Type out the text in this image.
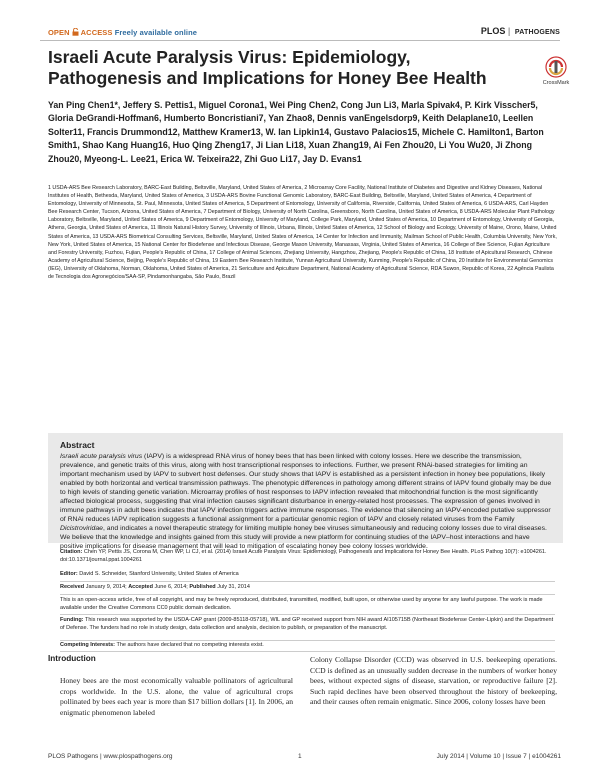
OPEN ACCESS Freely available online	PLOS | PATHOGENS
Israeli Acute Paralysis Virus: Epidemiology, Pathogenesis and Implications for Honey Bee Health	CrossMark
Yan Ping Chen1*, Jeffery S. Pettis1, Miguel Corona1, Wei Ping Chen2, Cong Jun Li3, Marla Spivak4, P. Kirk Visscher5, Gloria DeGrandi-Hoffman6, Humberto Boncristiani7, Yan Zhao8, Dennis vanEngelsdorp9, Keith Delaplane10, Leellen Solter11, Francis Drummond12, Matthew Kramer13, W. Ian Lipkin14, Gustavo Palacios15, Michele C. Hamilton1, Barton Smith1, Shao Kang Huang16, Huo Qing Zheng17, Ji Lian Li18, Xuan Zhang19, Ai Fen Zhou20, Li You Wu20, Ji Zhong Zhou20, Myeong-L. Lee21, Erica W. Teixeira22, Zhi Guo Li17, Jay D. Evans1
1 USDA-ARS Bee Research Laboratory, BARC-East Building, Beltsville, Maryland, United States of America, 2 Microarray Core Facility, National Institute of Diabetes and Digestive and Kidney Diseases, National Institutes of Health, Bethesda, Maryland, United States of America, 3 USDA-ARS Bovine Functional Genomic Laboratory, BARC-East Building, Beltsville, Maryland, United States of America, 4 Department of Entomology, University of Minnesota, St. Paul, Minnesota, United States of America, 5 Department of Entomology, University of California, Riverside, California, United States of America, 6 USDA-ARS, Carl Hayden Bee Research Center, Tucson, Arizona, United States of America, 7 Department of Biology, University of North Carolina, Greensboro, North Carolina, United States of America, 8 USDA-ARS Molecular Plant Pathology Laboratory, Beltsville, Maryland, United States of America, 9 Department of Entomology, University of Maryland, College Park, Maryland, United States of America, 10 Department of Entomology, University of Georgia, Athens, Georgia, United States of America, 11 Illinois Natural History Survey, University of Illinois, Urbana, Illinois, United States of America, 12 School of Biology and Ecology, University of Maine, Orono, Maine, United States of America, 13 USDA-ARS Biometrical Consulting Services, Beltsville, Maryland, United States of America, 14 Center for Infection and Immunity, Mailman School of Public Health, Columbia University, New York, New York, United States of America, 15 National Center for Biodefense and Infectious Disease, George Mason University, Manassas, Virginia, United States of America, 16 College of Bee Science, Fujian Agriculture and Forestry University, Fuzhou, Fujian, People's Republic of China, 17 College of Animal Sciences, Zhejiang University, Hangzhou, Zhejiang, People's Republic of China, 18 Institute of Apicultural Research, Chinese Academy of Agricultural Science, Beijing, People's Republic of China, 19 Eastern Bee Research Institute, Yunnan Agricultural University, Kunming, People's Republic of China, 20 Institute for Environmental Genomics (IEG), University of Oklahoma, Norman, Oklahoma, United States of America, 21 Sericulture and Apiculture Department, National Academy of Agricultural Science, RDA Suwon, Republic of Korea, 22 Agência Paulista de Tecnologia dos Agronegócios/SAA-SP, Pindamonhangaba, São Paulo, Brazil
Abstract
Israeli acute paralysis virus (IAPV) is a widespread RNA virus of honey bees that has been linked with colony losses. Here we describe the transmission, prevalence, and genetic traits of this virus, along with host transcriptional responses to infections. Further, we present RNAi-based strategies for limiting an important mechanism used by IAPV to subvert host defenses. Our study shows that IAPV is established as a persistent infection in honey bee populations, likely enabled by both horizontal and vertical transmission pathways. The phenotypic differences in pathology among different strains of IAPV found globally may be due to high levels of standing genetic variation. Microarray profiles of host responses to IAPV infection revealed that mitochondrial function is the most significantly affected biological process, suggesting that viral infection causes significant disturbance in energy-related host processes. The expression of genes involved in immune pathways in adult bees indicates that IAPV infection triggers active immune responses. The evidence that silencing an IAPV-encoded putative suppressor of RNAi reduces IAPV replication suggests a functional assignment for a particular genomic region of IAPV and closely related viruses from the Family Dicistroviridae, and indicates a novel therapeutic strategy for limiting multiple honey bee viruses simultaneously and reducing colony losses due to viral diseases. We believe that the knowledge and insights gained from this study will provide a new platform for continuing studies of the IAPV–host interactions and have positive implications for disease management that will lead to mitigation of escalating honey bee colony losses worldwide.
Citation: Chen YP, Pettis JS, Corona M, Chen WP, Li CJ, et al. (2014) Israeli Acute Paralysis Virus: Epidemiology, Pathogenesis and Implications for Honey Bee Health. PLoS Pathog 10(7): e1004261. doi:10.1371/journal.ppat.1004261
Editor: David S. Schneider, Stanford University, United States of America
Received January 9, 2014; Accepted June 6, 2014; Published July 31, 2014
This is an open-access article, free of all copyright, and may be freely reproduced, distributed, transmitted, modified, built upon, or otherwise used by anyone for any lawful purpose. The work is made available under the Creative Commons CC0 public domain dedication.
Funding: This research was supported by the USDA-CAP grant (2009-85118-05718), WIL and GP received support from NIH award AI105715B (Northeast Biodefense Center-Lipkin) and the Department of Defense. The funders had no role in study design, data collection and analysis, decision to publish, or preparation of the manuscript.
Competing Interests: The authors have declared that no competing interests exist.
Introduction
Honey bees are the most economically valuable pollinators of agricultural crops worldwide. In the U.S. alone, the value of agricultural crops pollinated by bees each year is more than $17 billion dollars [1]. In 2006, an enigmatic phenomenon labeled
Colony Collapse Disorder (CCD) was observed in U.S. beekeeping operations. CCD is defined as an unusually sudden decrease in the numbers of worker honey bees, without expected signs of disease, starvation, or reproductive failure [2]. Such rapid declines have been observed throughout the history of beekeeping, and their causes often remain enigmatic. Since 2006, colony losses have been
PLOS Pathogens | www.plospathogens.org	1	July 2014 | Volume 10 | Issue 7 | e1004261
